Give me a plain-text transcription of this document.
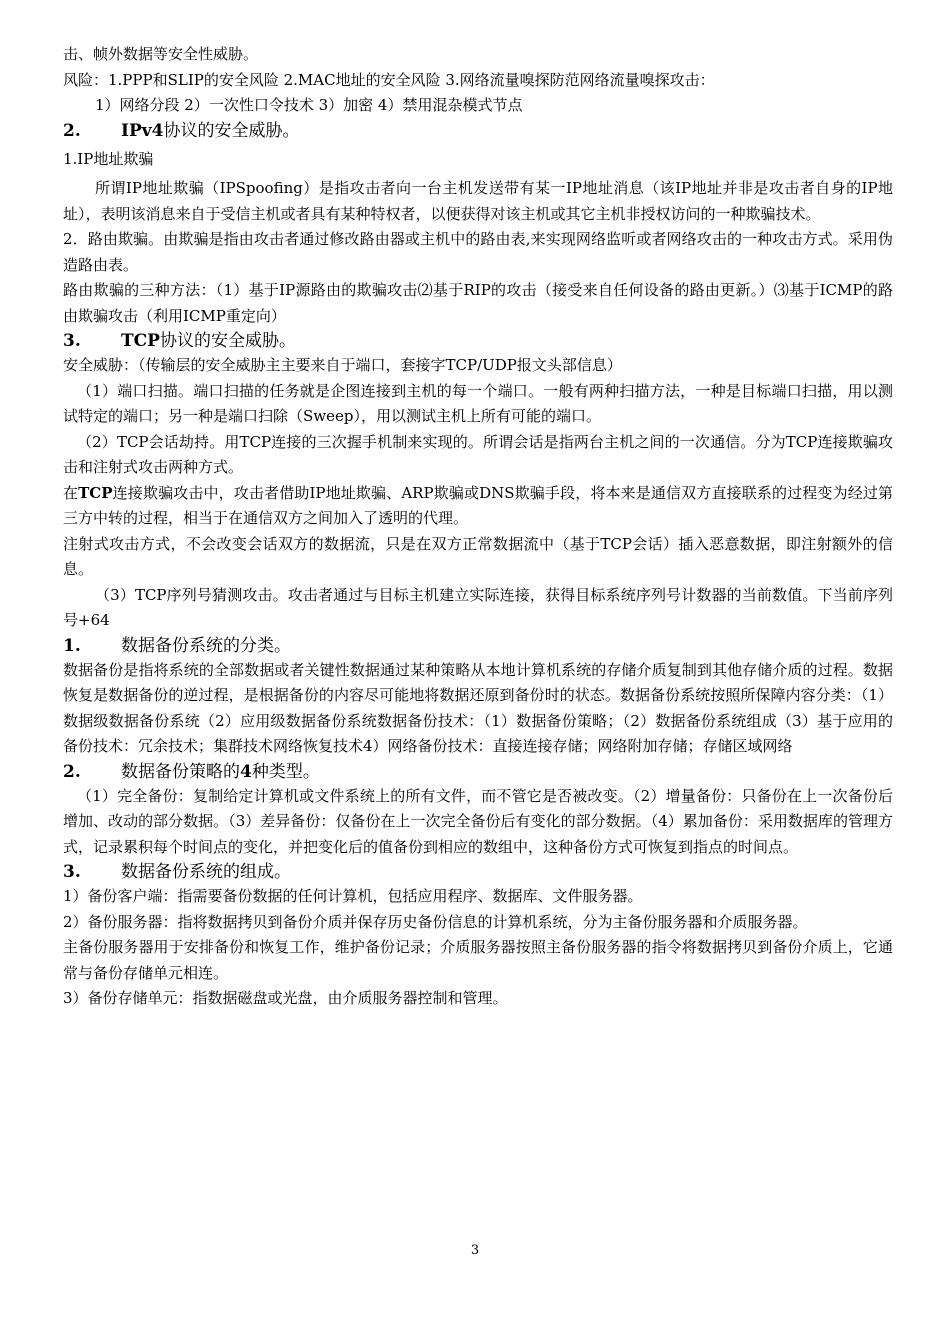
击、帧外数据等安全性威胁。

风险：1.PPP和SLIP的安全风险 2.MAC地址的安全风险 3.网络流量嗅探防范网络流量嗅探攻击：

1）网络分段 2）一次性口令技术 3）加密 4）禁用混杂模式节点

2. IPv4协议的安全威胁。

1.IP地址欺骗

所谓IP地址欺骗（IPSpoofing）是指攻击者向一台主机发送带有某一IP地址消息（该IP地址并非是攻击者自身的IP地址），表明该消息来自于受信主机或者具有某种特权者，以便获得对该主机或其它主机非授权访问的一种欺骗技术。

2．路由欺骗。由欺骗是指由攻击者通过修改路由器或主机中的路由表,来实现网络监听或者网络攻击的一种攻击方式。采用伪造路由表。

路由欺骗的三种方法：（1）基于IP源路由的欺骗攻击⑵基于RIP的攻击（接受来自任何设备的路由更新。）⑶基于ICMP的路由欺骗攻击（利用ICMP重定向）

3. TCP协议的安全威胁。

安全威胁：（传输层的安全威胁主主要来自于端口，套接字TCP/UDP报文头部信息）

（1）端口扫描。端口扫描的任务就是企图连接到主机的每一个端口。一般有两种扫描方法，一种是目标端口扫描，用以测试特定的端口；另一种是端口扫除（Sweep），用以测试主机上所有可能的端口。

（2）TCP会话劫持。用TCP连接的三次握手机制来实现的。所谓会话是指两台主机之间的一次通信。分为TCP连接欺骗攻击和注射式攻击两种方式。

在TCP连接欺骗攻击中，攻击者借助IP地址欺骗、ARP欺骗或DNS欺骗手段，将本来是通信双方直接联系的过程变为经过第三方中转的过程，相当于在通信双方之间加入了透明的代理。

注射式攻击方式，不会改变会话双方的数据流，只是在双方正常数据流中（基于TCP会话）插入恶意数据，即注射额外的信息。

（3）TCP序列号猜测攻击。攻击者通过与目标主机建立实际连接，获得目标系统序列号计数器的当前数值。下当前序列号+64

1. 数据备份系统的分类。

数据备份是指将系统的全部数据或者关键性数据通过某种策略从本地计算机系统的存储介质复制到其他存储介质的过程。数据恢复是数据备份的逆过程，是根据备份的内容尽可能地将数据还原到备份时的状态。数据备份系统按照所保障内容分类：（1）数据级数据备份系统（2）应用级数据备份系统数据备份技术：（1）数据备份策略；（2）数据备份系统组成（3）基于应用的备份技术：冗余技术；集群技术网络恢复技术4）网络备份技术：直接连接存储；网络附加存储；存储区域网络

2. 数据备份策略的4种类型。

（1）完全备份：复制给定计算机或文件系统上的所有文件，而不管它是否被改变。（2）增量备份：只备份在上一次备份后增加、改动的部分数据。（3）差异备份：仅备份在上一次完全备份后有变化的部分数据。（4）累加备份：采用数据库的管理方式，记录累积每个时间点的变化，并把变化后的值备份到相应的数组中，这种备份方式可恢复到指点的时间点。

3. 数据备份系统的组成。

1）备份客户端：指需要备份数据的任何计算机，包括应用程序、数据库、文件服务器。

2）备份服务器：指将数据拷贝到备份介质并保存历史备份信息的计算机系统，分为主备份服务器和介质服务器。

主备份服务器用于安排备份和恢复工作，维护备份记录；介质服务器按照主备份服务器的指令将数据拷贝到备份介质上，它通常与备份存储单元相连。

3）备份存储单元：指数据磁盘或光盘，由介质服务器控制和管理。

3
